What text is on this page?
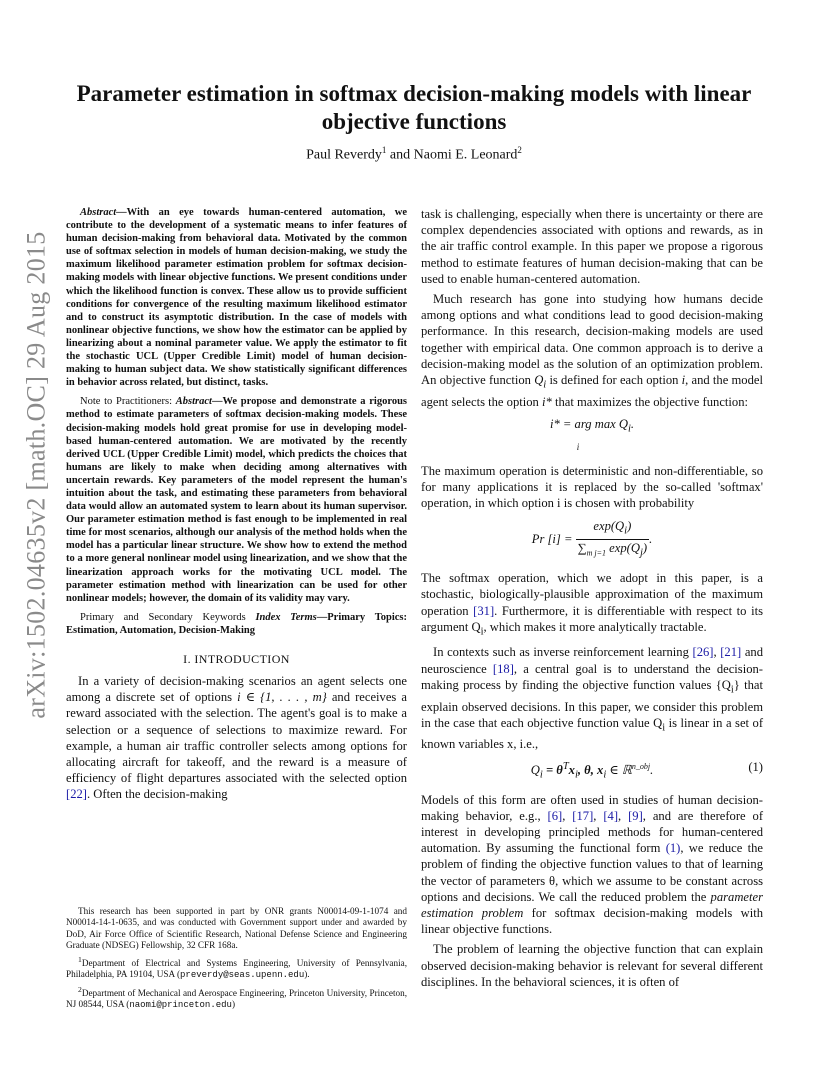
arXiv:1502.04635v2 [math.OC] 29 Aug 2015
Parameter estimation in softmax decision-making models with linear objective functions
Paul Reverdy$^1$ and Naomi E. Leonard$^2$

Abstract—With an eye towards human-centered automation, we contribute to the development of a systematic means to infer features of human decision-making from behavioral data. Motivated by the common use of softmax selection in models of human decision-making, we study the maximum likelihood parameter estimation problem for softmax decision-making models with linear objective functions. We present conditions under which the likelihood function is convex. These allow us to provide sufficient conditions for convergence of the resulting maximum likelihood estimator and to construct its asymptotic distribution. In the case of models with nonlinear objective functions, we show how the estimator can be applied by linearizing about a nominal parameter value. We apply the estimator to fit the stochastic UCL (Upper Credible Limit) model of human decision-making to human subject data. We show statistically significant differences in behavior across related, but distinct, tasks.

Note to Practitioners: Abstract—We propose and demonstrate a rigorous method to estimate parameters of softmax decision-making models. These decision-making models hold great promise for use in developing model-based human-centered automation. We are motivated by the recently derived UCL (Upper Credible Limit) model, which predicts the choices that humans are likely to make when deciding among alternatives with uncertain rewards. Key parameters of the model represent the human's intuition about the task, and estimating these parameters from behavioral data would allow an automated system to learn about its human supervisor. Our parameter estimation method is fast enough to be implemented in real time for most scenarios, although our analysis of the method holds when the model has a particular linear structure. We show how to extend the method to a more general nonlinear model using linearization, and we show that the linearization approach works for the motivating UCL model. The parameter estimation method with linearization can be used for other nonlinear models; however, the domain of its validity may vary.

Primary and Secondary Keywords Index Terms—Primary Topics: Estimation, Automation, Decision-Making

I. INTRODUCTION

In a variety of decision-making scenarios an agent selects one among a discrete set of options i ∈ {1, . . . , m} and receives a reward associated with the selection. The agent's goal is to make a selection or a sequence of selections to maximize reward. For example, a human air traffic controller selects among options for allocating aircraft for takeoff, and the reward is a measure of efficiency of flight departures associated with the selected option [22]. Often the decision-making

This research has been supported in part by ONR grants N00014-09-1-1074 and N00014-14-1-0635, and was conducted with Government support under and awarded by DoD, Air Force Office of Scientific Research, National Defense Science and Engineering Graduate (NDSEG) Fellowship, 32 CFR 168a.

$^1$Department of Electrical and Systems Engineering, University of Pennsylvania, Philadelphia, PA 19104, USA (preverdy@seas.upenn.edu).

$^2$Department of Mechanical and Aerospace Engineering, Princeton University, Princeton, NJ 08544, USA (naomi@princeton.edu)

task is challenging, especially when there is uncertainty or there are complex dependencies associated with options and rewards, as in the air traffic control example. In this paper we propose a rigorous method to estimate features of human decision-making that can be used to enable human-centered automation.

Much research has gone into studying how humans decide among options and what conditions lead to good decision-making performance. In this research, decision-making models are used together with empirical data. One common approach is to derive a decision-making model as the solution of an optimization problem. An objective function $Q_i$ is defined for each option i, and the model agent selects the option i* that maximizes the objective function:

i* = arg $\max Q_i$.
i

The maximum operation is deterministic and non-differentiable, so for many applications it is replaced by the so-called 'softmax' operation, in which option i is chosen with probability

Pr $[i] = \frac{\exp(Q_i)}{\sum_{m j=1} \exp(Q_j)}$ .

The softmax operation, which we adopt in this paper, is a stochastic, biologically-plausible approximation of the maximum operation [31]. Furthermore, it is differentiable with respect to its argument $Q_i$, which makes it more analytically tractable.

In contexts such as inverse reinforcement learning [26], [21] and neuroscience [18], a central goal is to understand the decision-making process by finding the objective function values $\{Q_i\}$ that explain observed decisions. In this paper, we consider this problem in the case that each objective function value $Q_i$ is linear in a set of known variables x, i.e.,

$Q_i = \theta^Tx_i$, θ, $x_i$ ∈ ℝ$^{n\_obj}$.	(1)

Models of this form are often used in studies of human decision-making behavior, e.g., [6], [17], [4], [9], and are therefore of interest in developing principled methods for human-centered automation. By assuming the functional form (1), we reduce the problem of finding the objective function values to that of learning the vector of parameters θ, which we assume to be constant across options and decisions. We call the reduced problem the parameter estimation problem for softmax decision-making models with linear objective functions.

The problem of learning the objective function that can explain observed decision-making behavior is relevant for several different disciplines. In the behavioral sciences, it is often of
